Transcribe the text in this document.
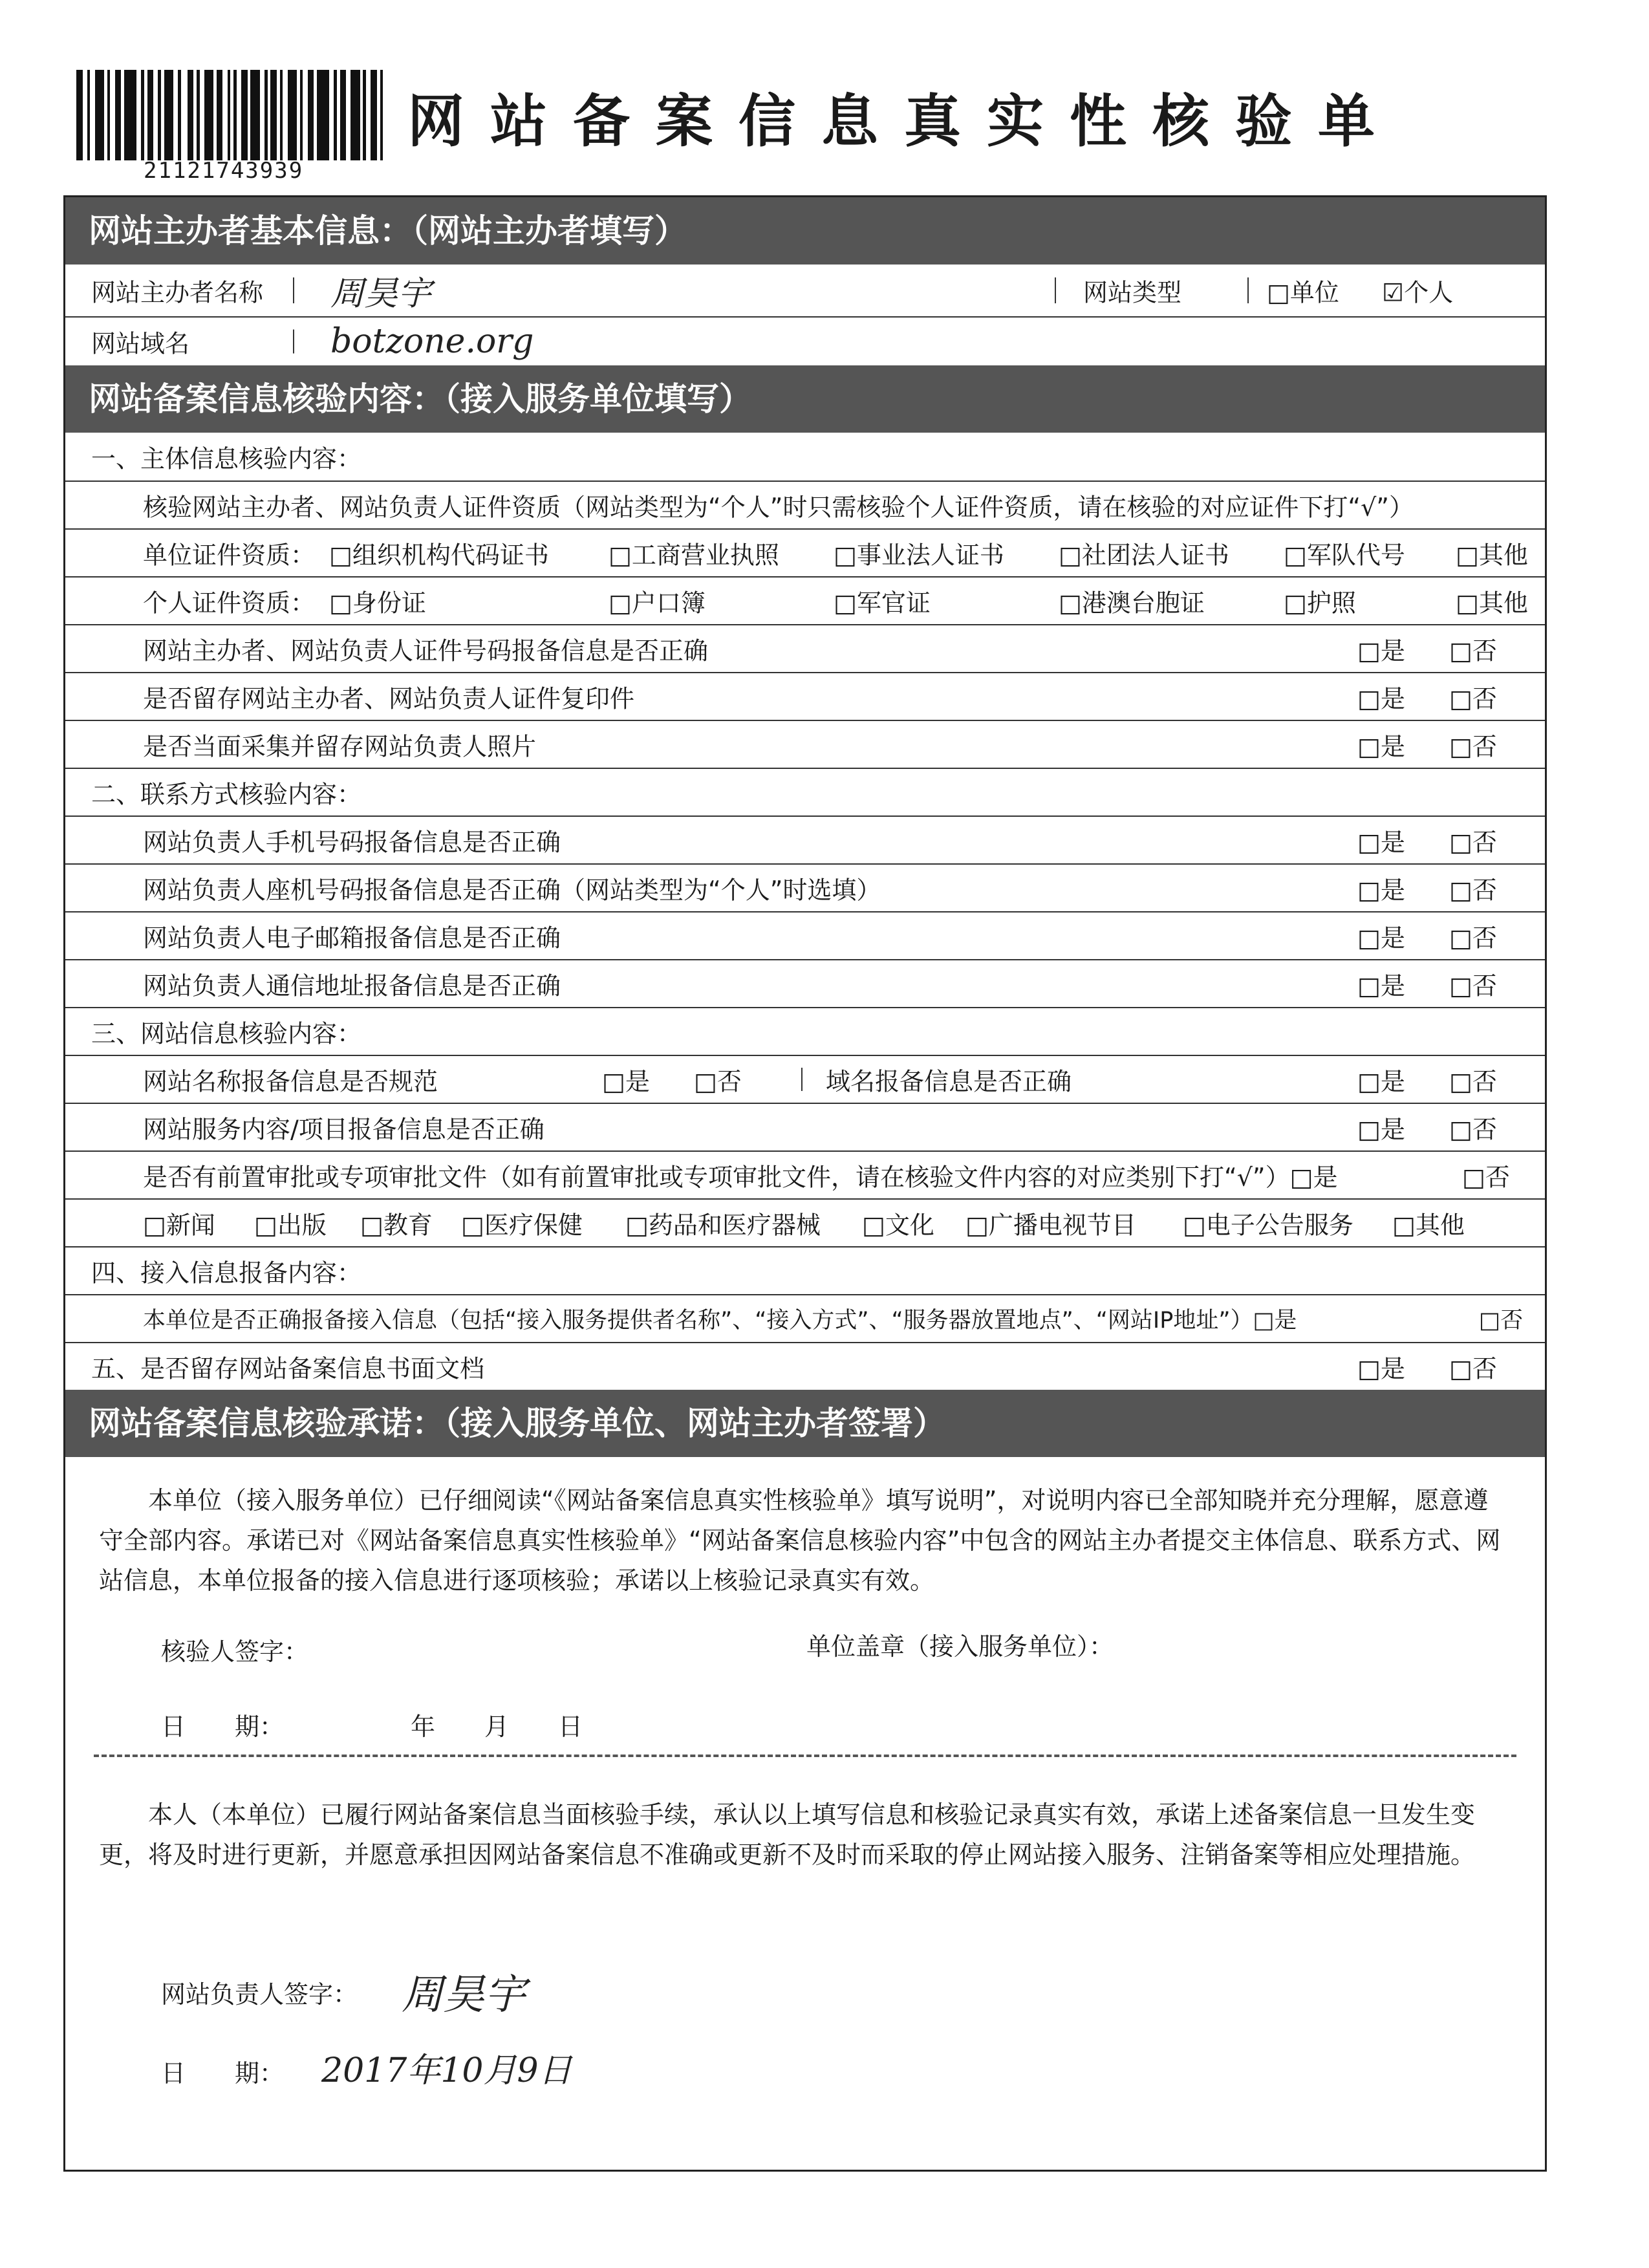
21121743939
网站备案信息真实性核验单
网站主办者基本信息：（网站主办者填写）
网站主办者名称 周昊宇	网站类型	□单位 ☑个人
网站域名	botzone.org
网站备案信息核验内容：（接入服务单位填写）
一、主体信息核验内容：
核验网站主办者、网站负责人证件资质（网站类型为“个人”时只需核验个人证件资质，请在核验的对应证件下打“√”）
单位证件资质： □组织机构代码证书 □工商营业执照 □事业法人证书 □社团法人证书 □军队代号 □其他
个人证件资质： □身份证	□户口簿	□军官证	□港澳台胞证	□护照	□其他
网站主办者、网站负责人证件号码报备信息是否正确	□是 □否
是否留存网站主办者、网站负责人证件复印件	□是 □否
是否当面采集并留存网站负责人照片	□是 □否
二、联系方式核验内容：
网站负责人手机号码报备信息是否正确	□是 □否
网站负责人座机号码报备信息是否正确（网站类型为“个人”时选填）	□是 □否
网站负责人电子邮箱报备信息是否正确	□是 □否
网站负责人通信地址报备信息是否正确	□是 □否
三、网站信息核验内容：
网站名称报备信息是否规范	□是 □否	域名报备信息是否正确	□是 □否
网站服务内容/项目报备信息是否正确	□是 □否
是否有前置审批或专项审批文件（如有前置审批或专项审批文件，请在核验文件内容的对应类别下打“√”）□是	□否
□新闻 □出版 □教育 □医疗保健 □药品和医疗器械 □文化 □广播电视节目 □电子公告服务 □其他
四、接入信息报备内容：
本单位是否正确报备接入信息（包括“接入服务提供者名称”、“接入方式”、“服务器放置地点”、“网站IP地址”）□是	□否
五、是否留存网站备案信息书面文档	□是 □否
网站备案信息核验承诺：（接入服务单位、网站主办者签署）
本单位（接入服务单位）已仔细阅读“《网站备案信息真实性核验单》填写说明”，对说明内容已全部知晓并充分理解，愿意遵守全部内容。承诺已对《网站备案信息真实性核验单》“网站备案信息核验内容”中包含的网站主办者提交主体信息、联系方式、网站信息，本单位报备的接入信息进行逐项核验；承诺以上核验记录真实有效。
核验人签字：	单位盖章（接入服务单位）：
日　　期：	年　　月　　日
本人（本单位）已履行网站备案信息当面核验手续，承认以上填写信息和核验记录真实有效，承诺上述备案信息一旦发生变更，将及时进行更新，并愿意承担因网站备案信息不准确或更新不及时而采取的停止网站接入服务、注销备案等相应处理措施。
网站负责人签字： 周昊宇
日　　期： 2017年10月9日
